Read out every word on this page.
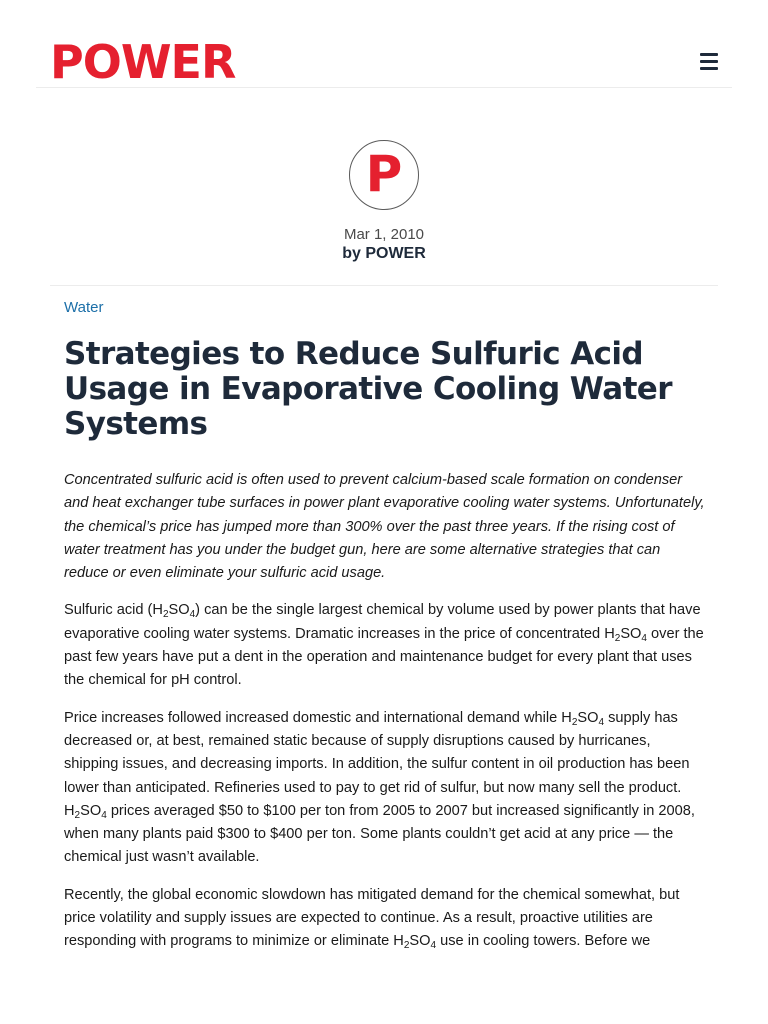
POWER
P
Mar 1, 2010
by POWER
Water
Strategies to Reduce Sulfuric Acid Usage in Evaporative Cooling Water Systems

Concentrated sulfuric acid is often used to prevent calcium-based scale formation on condenser and heat exchanger tube surfaces in power plant evaporative cooling water systems. Unfortunately, the chemical’s price has jumped more than 300% over the past three years. If the rising cost of water treatment has you under the budget gun, here are some alternative strategies that can reduce or even eliminate your sulfuric acid usage.

Sulfuric acid $(H_2SO_4)$ can be the single largest chemical by volume used by power plants that have evaporative cooling water systems. Dramatic increases in the price of concentrated $H_2SO_4$ over the past few years have put a dent in the operation and maintenance budget for every plant that uses the chemical for pH control.

Price increases followed increased domestic and international demand while $H_2SO_4$ supply has decreased or, at best, remained static because of supply disruptions caused by hurricanes, shipping issues, and decreasing imports. In addition, the sulfur content in oil production has been lower than anticipated. Refineries used to pay to get rid of sulfur, but now many sell the product. $H_2SO_4$ prices averaged $50 to $100 per ton from 2005 to 2007 but increased significantly in 2008, when many plants paid $300 to $400 per ton. Some plants couldn’t get acid at any price — the chemical just wasn’t available.

Recently, the global economic slowdown has mitigated demand for the chemical somewhat, but price volatility and supply issues are expected to continue. As a result, proactive utilities are responding with programs to minimize or eliminate $H_2SO_4$ use in cooling towers. Before we
